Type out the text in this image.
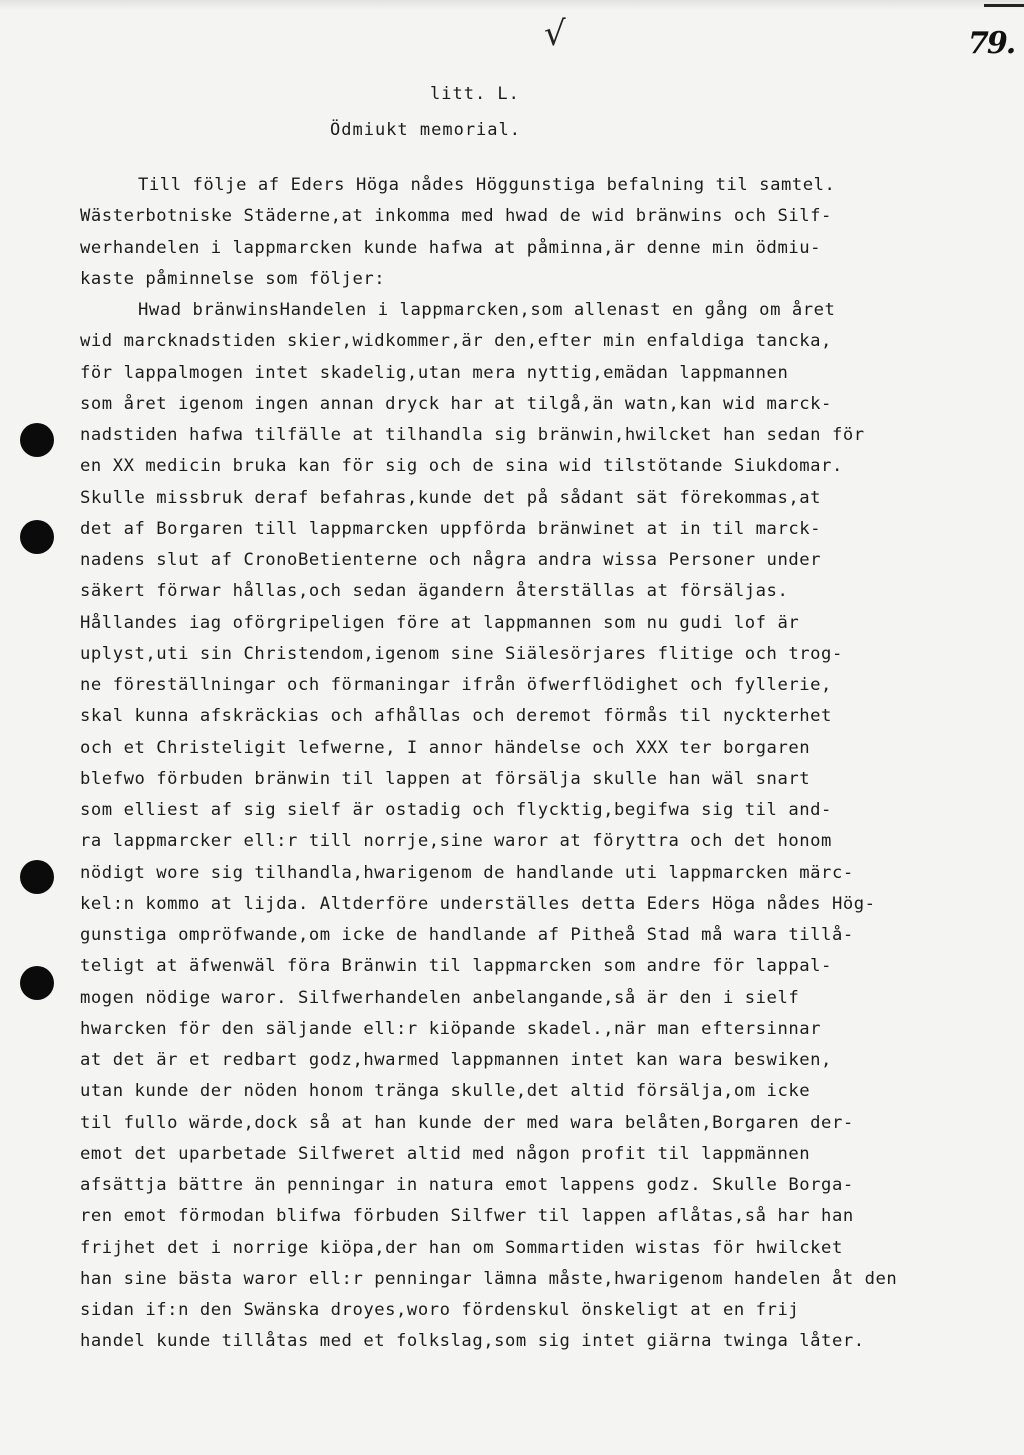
√	79.
litt. L.
Ödmiukt memorial.
Till följe af Eders Höga nådes Höggunstiga befalning til samtel.
Wästerbotniske Städerne,at inkomma med hwad de wid bränwins och Silf-
werhandelen i lappmarcken kunde hafwa at påminna,är denne min ödmiu-
kaste påminnelse som följer:
Hwad bränwinsHandelen i lappmarcken,som allenast en gång om året
wid marcknadstiden skier,widkommer,är den,efter min enfaldiga tancka,
för lappalmogen intet skadelig,utan mera nyttig,emädan lappmannen
som året igenom ingen annan dryck har at tilgå,än watn,kan wid marck-
nadstiden hafwa tilfälle at tilhandla sig bränwin,hwilcket han sedan för
en XX medicin bruka kan för sig och de sina wid tilstötande Siukdomar.
Skulle missbruk deraf befahras,kunde det på sådant sät förekommas,at
det af Borgaren till lappmarcken uppförda bränwinet at in til marck-
nadens slut af CronoBetienterne och några andra wissa Personer under
säkert förwar hållas,och sedan ägandern återställas at försäljas.
Hållandes iag oförgripeligen före at lappmannen som nu gudi lof är
uplyst,uti sin Christendom,igenom sine Siälesörjares flitige och trog-
ne föreställningar och förmaningar ifrån öfwerflödighet och fyllerie,
skal kunna afskräckias och afhållas och deremot förmås til nyckterhet
och et Christeligit lefwerne, I annor händelse och XXX ter borgaren
blefwo förbuden bränwin til lappen at försälja skulle han wäl snart
som elliest af sig sielf är ostadig och flycktig,begifwa sig til and-
ra lappmarcker ell:r till norrje,sine waror at föryttra och det honom
nödigt wore sig tilhandla,hwarigenom de handlande uti lappmarcken märc-
kel:n kommo at lijda. Altderföre underställes detta Eders Höga nådes Hög-
gunstiga ompröfwande,om icke de handlande af Pitheå Stad må wara tillå-
teligt at äfwenwäl föra Bränwin til lappmarcken som andre för lappal-
mogen nödige waror. Silfwerhandelen anbelangande,så är den i sielf
hwarcken för den säljande ell:r kiöpande skadel.,när man eftersinnar
at det är et redbart godz,hwarmed lappmannen intet kan wara beswiken,
utan kunde der nöden honom tränga skulle,det altid försälja,om icke
til fullo wärde,dock så at han kunde der med wara belåten,Borgaren der-
emot det uparbetade Silfweret altid med någon profit til lappmännen
afsättja bättre än penningar in natura emot lappens godz. Skulle Borga-
ren emot förmodan blifwa förbuden Silfwer til lappen aflåtas,så har han
frijhet det i norrige kiöpa,der han om Sommartiden wistas för hwilcket
han sine bästa waror ell:r penningar lämna måste,hwarigenom handelen åt den
sidan if:n den Swänska droyes,woro fördenskul önskeligt at en frij
handel kunde tillåtas med et folkslag,som sig intet giärna twinga låter.
